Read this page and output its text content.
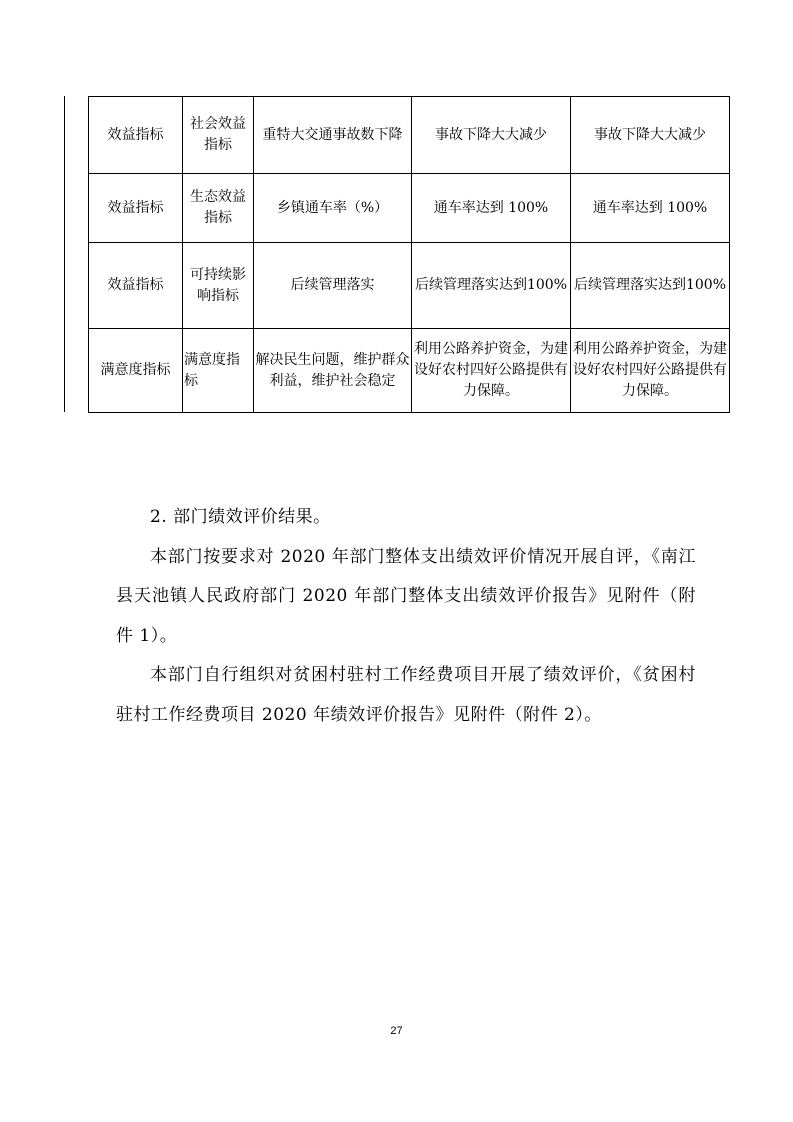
效益指标	社会效益指标	重特大交通事故数下降	事故下降大大减少	事故下降大大减少
效益指标	生态效益指标	乡镇通车率（%）	通车率达到 100%	通车率达到 100%
效益指标	可持续影响指标	后续管理落实	后续管理落实达到100%	后续管理落实达到100%
满意度指标	满意度指标	解决民生问题，维护群众利益，维护社会稳定	利用公路养护资金，为建设好农村四好公路提供有力保障。	利用公路养护资金，为建设好农村四好公路提供有力保障。

2. 部门绩效评价结果。

本部门按要求对 2020 年部门整体支出绩效评价情况开展自评，《南江县天池镇人民政府部门 2020 年部门整体支出绩效评价报告》见附件（附件 1）。

本部门自行组织对贫困村驻村工作经费项目开展了绩效评价，《贫困村驻村工作经费项目 2020 年绩效评价报告》见附件（附件 2）。

27
